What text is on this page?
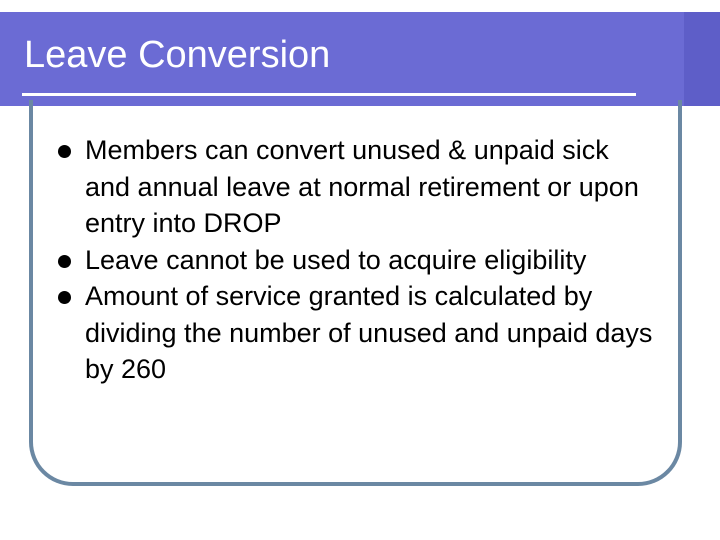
Leave Conversion
Members can convert unused & unpaid sick and annual leave at normal retirement or upon entry into DROP
Leave cannot be used to acquire eligibility
Amount of service granted is calculated by dividing the number of unused and unpaid days by 260
